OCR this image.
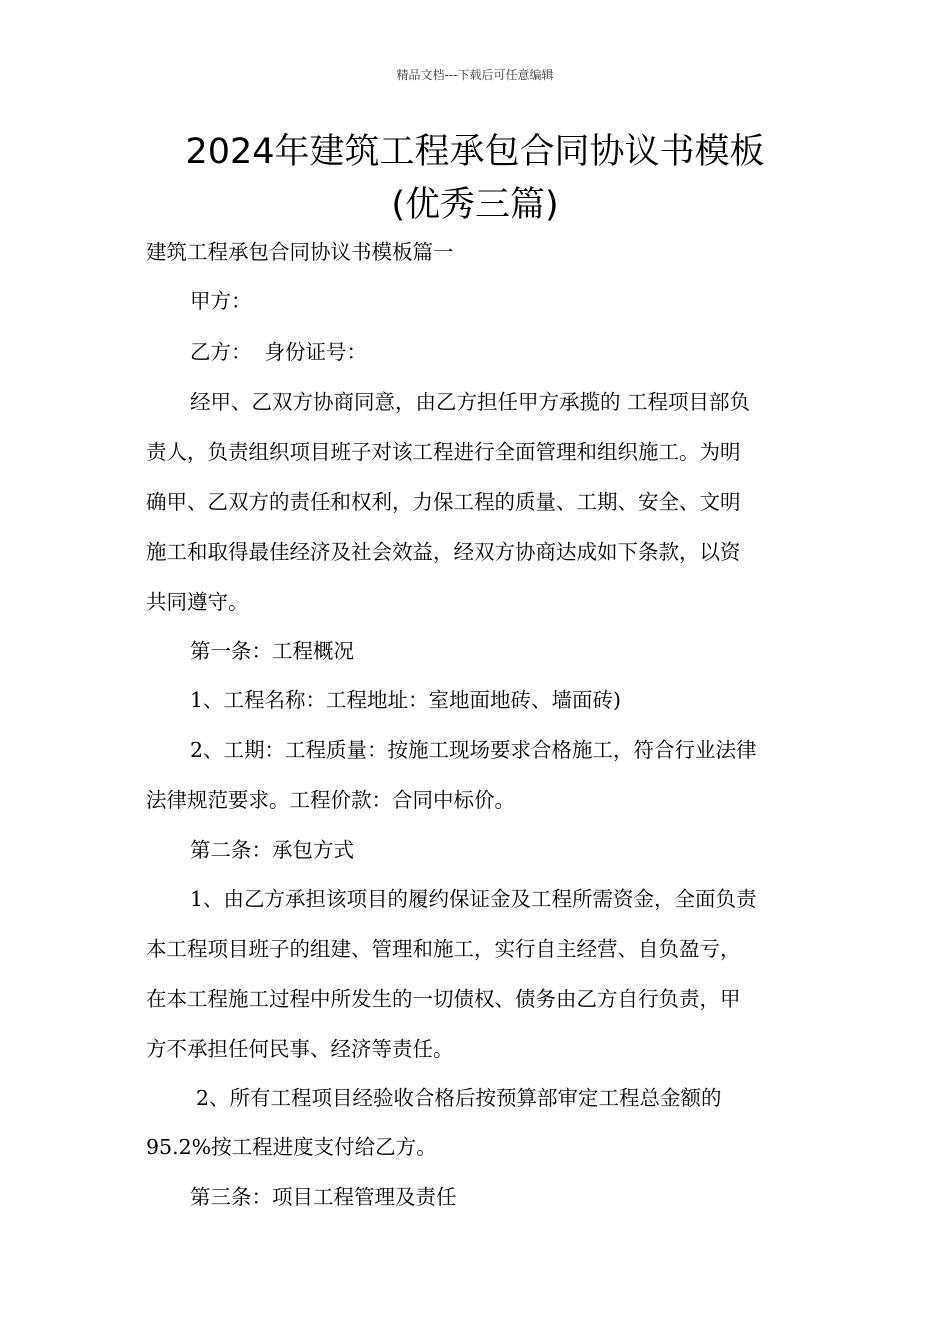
精品文档---下载后可任意编辑
2024年建筑工程承包合同协议书模板
(优秀三篇)

建筑工程承包合同协议书模板篇一

甲方：

乙方：  身份证号：

经甲、乙双方协商同意，由乙方担任甲方承揽的 工程项目部负

责人，负责组织项目班子对该工程进行全面管理和组织施工。为明

确甲、乙双方的责任和权利，力保工程的质量、工期、安全、文明

施工和取得最佳经济及社会效益，经双方协商达成如下条款，以资

共同遵守。

第一条：工程概况

1、工程名称：工程地址：室地面地砖、墙面砖)

2、工期：工程质量：按施工现场要求合格施工，符合行业法律

法律规范要求。工程价款：合同中标价。

第二条：承包方式

1、由乙方承担该项目的履约保证金及工程所需资金，全面负责

本工程项目班子的组建、管理和施工，实行自主经营、自负盈亏，

在本工程施工过程中所发生的一切债权、债务由乙方自行负责，甲

方不承担任何民事、经济等责任。

2、所有工程项目经验收合格后按预算部审定工程总金额的

95.2%按工程进度支付给乙方。

第三条：项目工程管理及责任
